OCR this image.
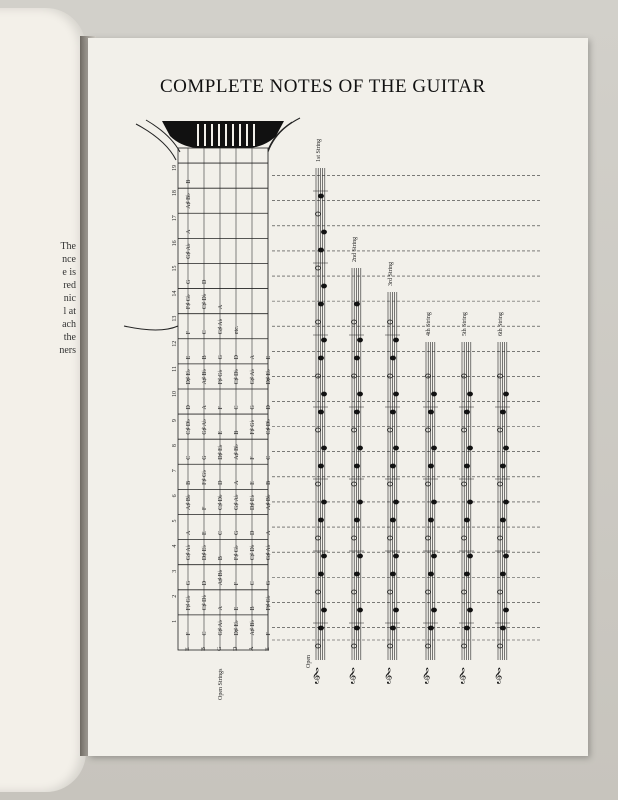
The
nce
e is
red
nic
l at
ach
the
ners
COMPLETE NOTES OF THE GUITAR
1
2
3
4
5
6
7
8
9
10
11
12
13
14
15
16
17
18
19
E B G D A E
Open Strings
F
F♯ G♭
G
G♯ A♭
A
A♯ B♭
B
C
C♯ D♭
D
D♯ E♭
E
F
F♯ G♭
G
G♯ A♭
A
A♯ B♭
B
C
C♯ D♭
D
D♯ E♭
E
F
F♯ G♭
G
G♯ A♭
A
A♯ B♭
B
C
C♯ D♭
D
G♯ A♭
A
A♯ B♭
B
C
C♯ D♭
D
D♯ E♭
E
F
F♯ G♭
G
G♯ A♭
A
D♯ E♭
E
F
F♯ G♭
G
G♯ A♭
A
A♯ B♭
B
C
C♯ D♭
D
etc.
A♯ B♭
B
C
C♯ D♭
D
D♯ E♭
E
F
F♯ G♭
G
G♯ A♭
A
F
F♯ G♭
G
G♯ A♭
A
A♯ B♭
B
C
C♯ D♭
D
D♯ E♭
E
1st String
𝄞
2nd String
𝄞
3rd String
𝄞
4th String
𝄞
5th String
𝄞
6th String
𝄞
Open
